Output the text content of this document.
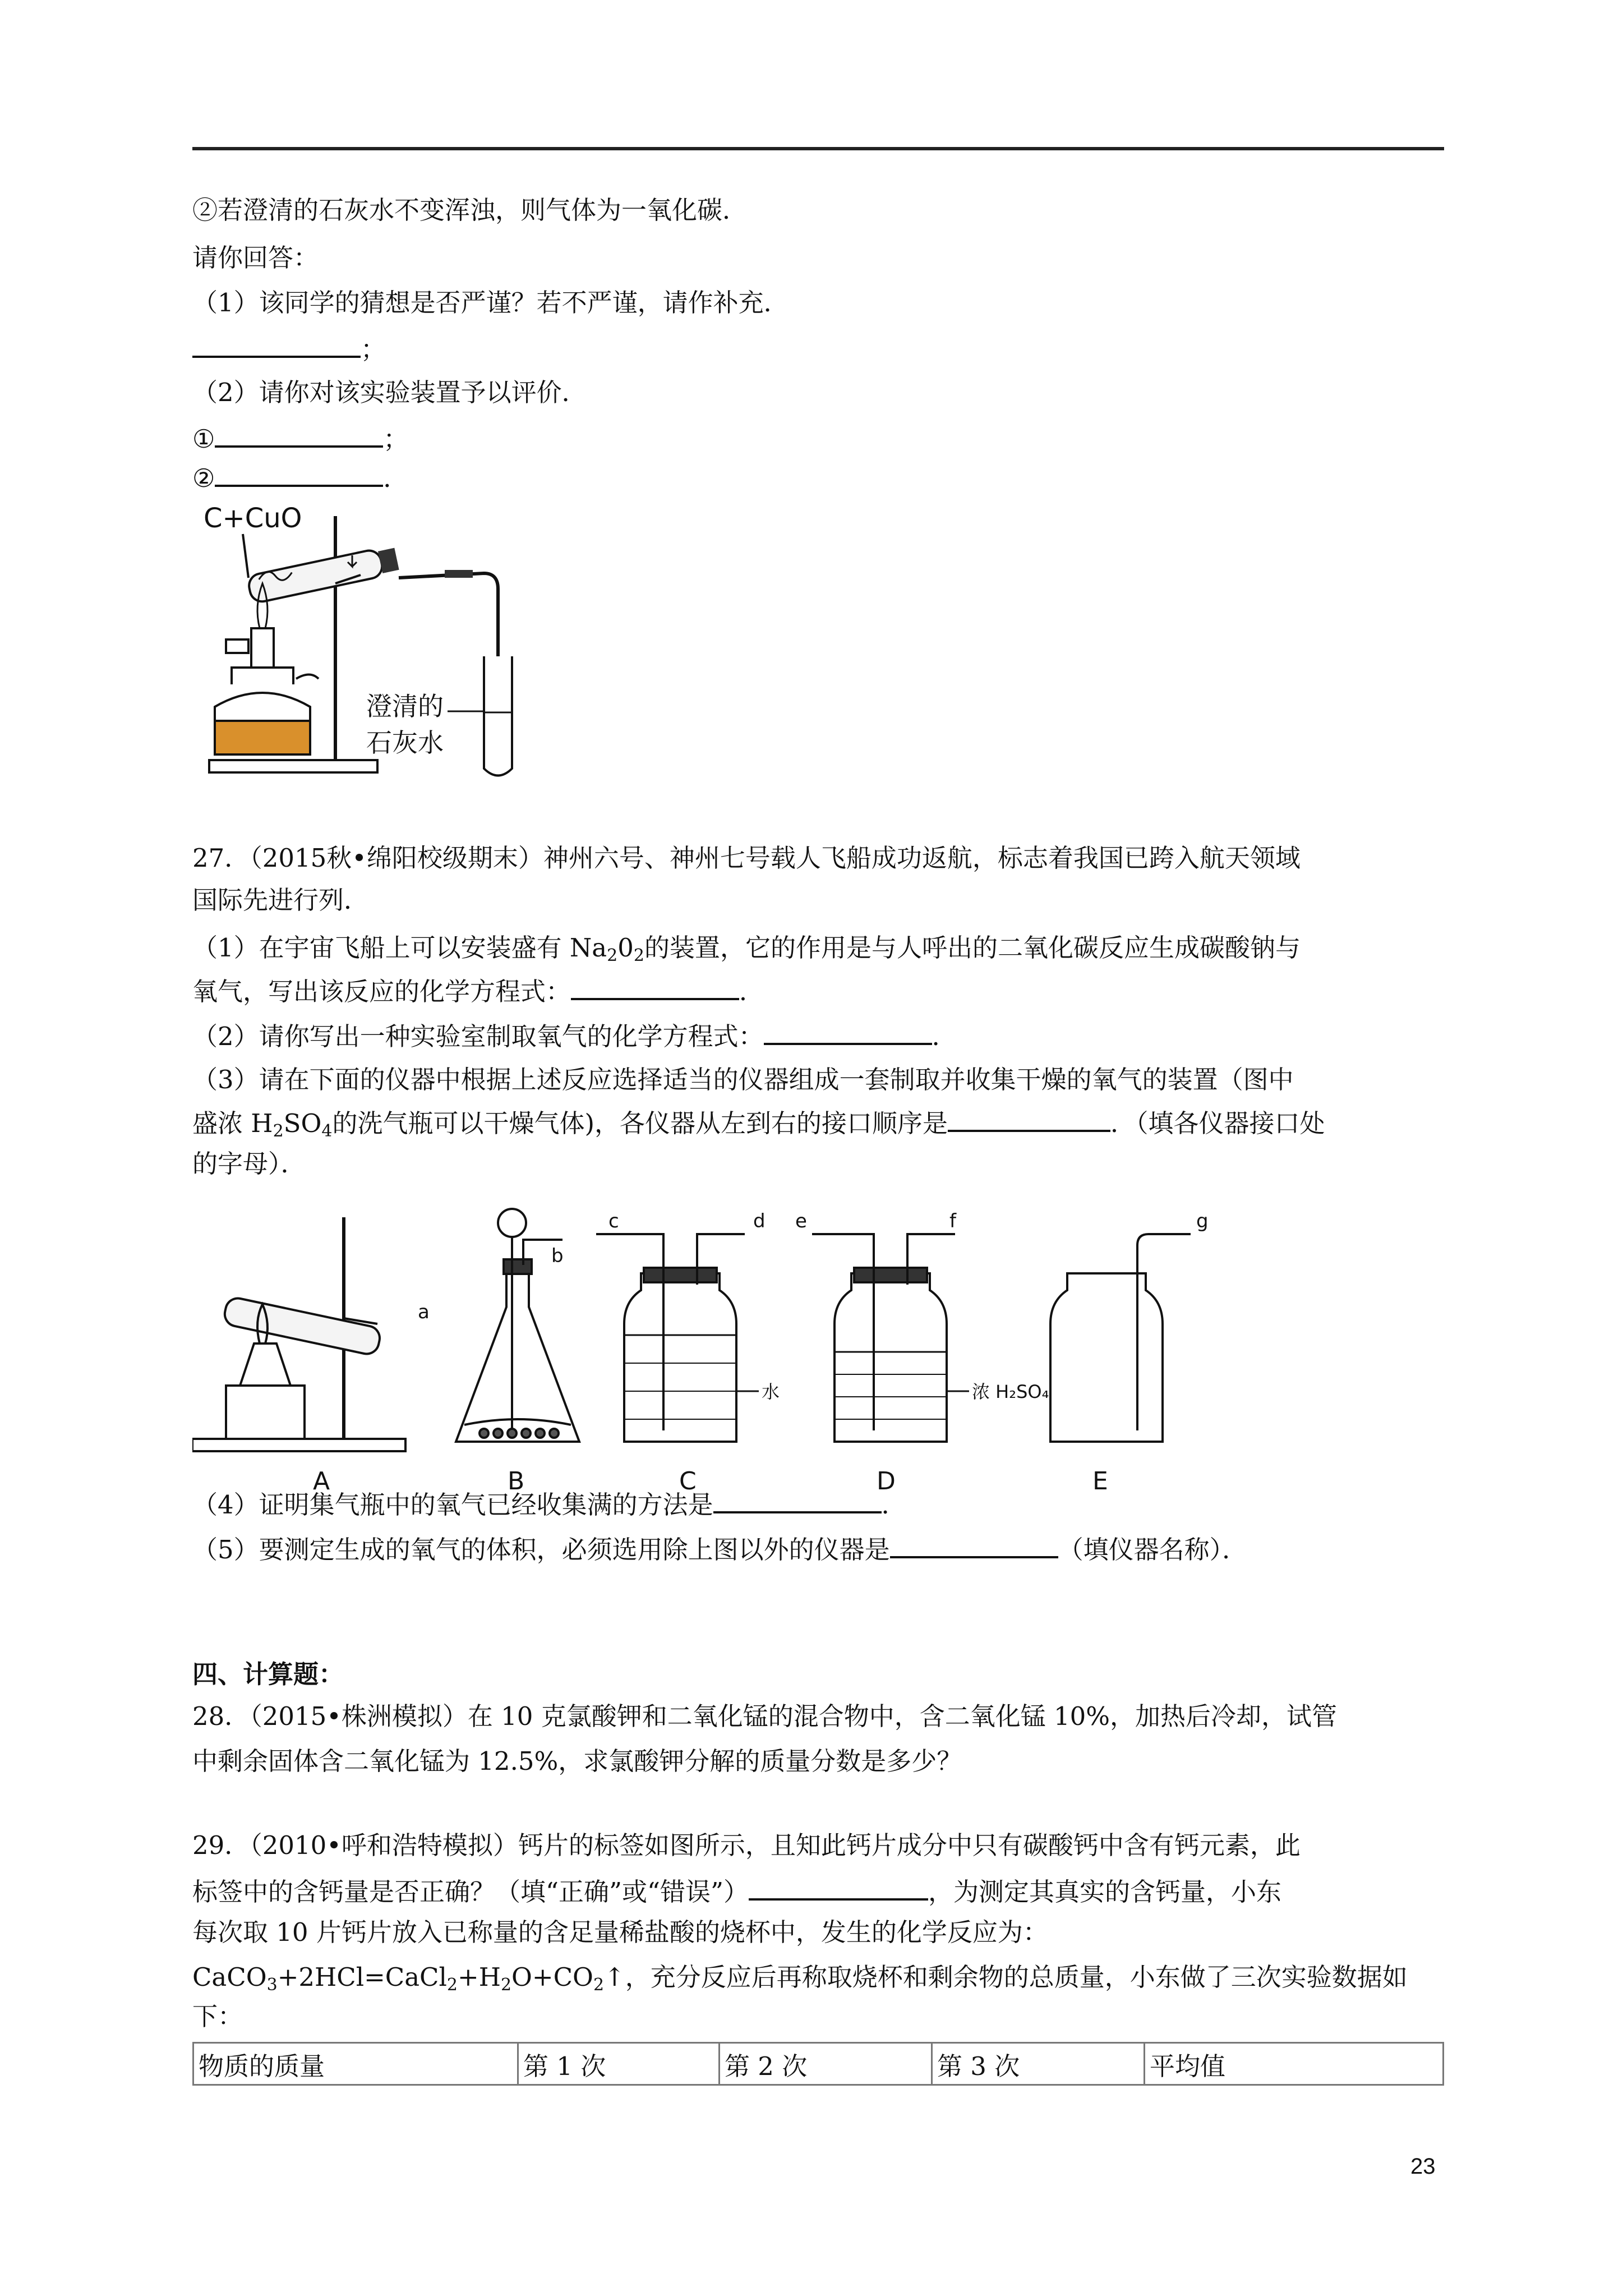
②若澄清的石灰水不变浑浊，则气体为一氧化碳．
请你回答：
（1）该同学的猜想是否严谨？若不严谨，请作补充．
；
（2）请你对该实验装置予以评价．
①	；
②	．
C+CuO
澄清的
石灰水
27．（2015秋•绵阳校级期末）神州六号、神州七号载人飞船成功返航，标志着我国已跨入航天领域
国际先进行列．
（1）在宇宙飞船上可以安装盛有 $Na_20_2$的装置，它的作用是与人呼出的二氧化碳反应生成碳酸钠与
氧气，写出该反应的化学方程式：	．
（2）请你写出一种实验室制取氧气的化学方程式：	．
（3）请在下面的仪器中根据上述反应选择适当的仪器组成一套制取并收集干燥的氧气的装置（图中
盛浓 $H_2SO_4$的洗气瓶可以干燥气体)，各仪器从左到右的接口顺序是	．（填各仪器接口处
的字母）．
a
A
b
B
c	d
水
C
e	f
浓 H₂SO₄
D
g
E
（4）证明集气瓶中的氧气已经收集满的方法是	．
（5）要测定生成的氧气的体积，必须选用除上图以外的仪器是	（填仪器名称）．
四、计算题：
28．（2015•株洲模拟）在 10 克氯酸钾和二氧化锰的混合物中，含二氧化锰 10%，加热后冷却，试管
中剩余固体含二氧化锰为 12.5%，求氯酸钾分解的质量分数是多少？
29．（2010•呼和浩特模拟）钙片的标签如图所示，且知此钙片成分中只有碳酸钙中含有钙元素，此
标签中的含钙量是否正确？（填“正确”或“错误”）	，为测定其真实的含钙量，小东
每次取 10 片钙片放入已称量的含足量稀盐酸的烧杯中，发生的化学反应为：
$CaCO_3+2HCl=CaCl_2+H_2O+CO_2↑$，充分反应后再称取烧杯和剩余物的总质量，小东做了三次实验数据如
下：
物质的质量	第 1 次	第 2 次	第 3 次	平均值
23
